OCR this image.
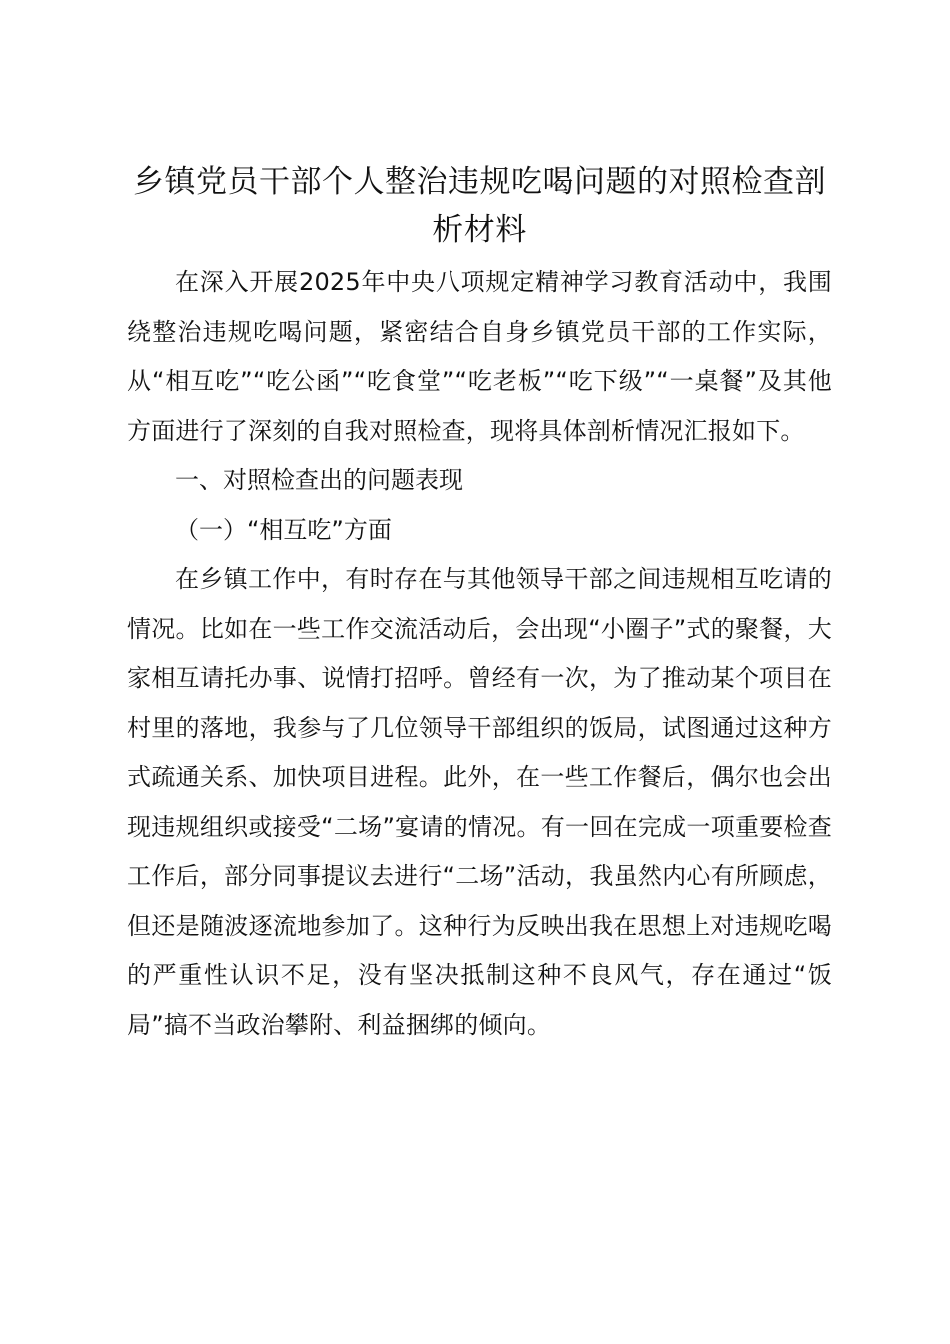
乡镇党员干部个人整治违规吃喝问题的对照检查剖析材料

在深入开展2025年中央八项规定精神学习教育活动中，我围绕整治违规吃喝问题，紧密结合自身乡镇党员干部的工作实际，从“相互吃”“吃公函”“吃食堂”“吃老板”“吃下级”“一桌餐”及其他方面进行了深刻的自我对照检查，现将具体剖析情况汇报如下。

一、对照检查出的问题表现

（一）“相互吃”方面

在乡镇工作中，有时存在与其他领导干部之间违规相互吃请的情况。比如在一些工作交流活动后，会出现“小圈子”式的聚餐，大家相互请托办事、说情打招呼。曾经有一次，为了推动某个项目在村里的落地，我参与了几位领导干部组织的饭局，试图通过这种方式疏通关系、加快项目进程。此外，在一些工作餐后，偶尔也会出现违规组织或接受“二场”宴请的情况。有一回在完成一项重要检查工作后，部分同事提议去进行“二场”活动，我虽然内心有所顾虑，但还是随波逐流地参加了。这种行为反映出我在思想上对违规吃喝的严重性认识不足，没有坚决抵制这种不良风气，存在通过“饭局”搞不当政治攀附、利益捆绑的倾向。
